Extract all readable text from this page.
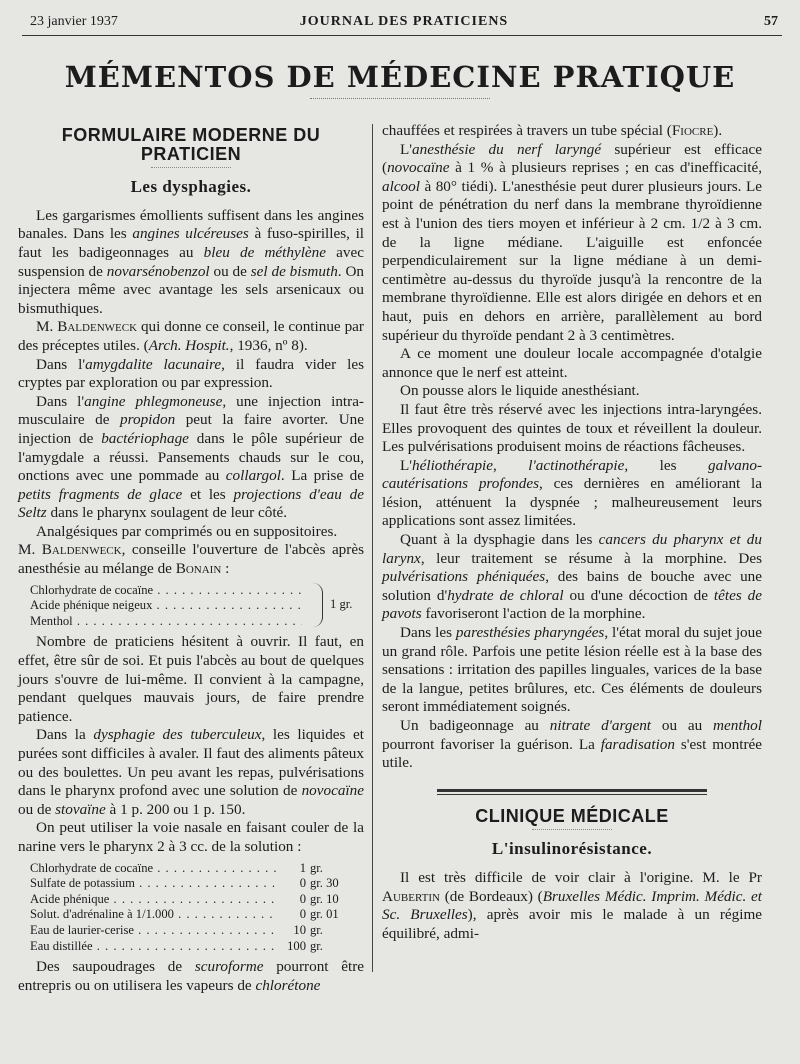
23 janvier 1937	JOURNAL DES PRATICIENS	57
MÉMENTOS DE MÉDECINE PRATIQUE
FORMULAIRE MODERNE DU PRATICIEN
Les dysphagies.

Les gargarismes émollients suffisent dans les angines banales. Dans les angines ulcéreuses à fuso-spirilles, il faut les badigeonnages au bleu de méthylène avec suspension de novarsénobenzol ou de sel de bismuth. On injectera même avec avantage les sels arsenicaux ou bismuthiques.

M. Baldenweck qui donne ce conseil, le continue par des préceptes utiles. (Arch. Hospit., 1936, nº 8).

Dans l'amygdalite lacunaire, il faudra vider les cryptes par exploration ou par expression.

Dans l'angine phlegmoneuse, une injection intra-musculaire de propidon peut la faire avorter. Une injection de bactériophage dans le pôle supérieur de l'amygdale a réussi. Pansements chauds sur le cou, onctions avec une pommade au collargol. La prise de petits fragments de glace et les projections d'eau de Seltz dans le pharynx soulagent de leur côté.

Analgésiques par comprimés ou en suppositoires.

M. Baldenweck, conseille l'ouverture de l'abcès après anesthésie au mélange de Bonain :

Chlorhydrate de cocaïne . . .
Acide phénique neigeux . . .
Menthol . . .
1 gr.

Nombre de praticiens hésitent à ouvrir. Il faut, en effet, être sûr de soi. Et puis l'abcès au bout de quelques jours s'ouvre de lui-même. Il convient à la campagne, pendant quelques mauvais jours, de faire prendre patience.

Dans la dysphagie des tuberculeux, les liquides et purées sont difficiles à avaler. Il faut des aliments pâteux ou des boulettes. Un peu avant les repas, pulvérisations dans le pharynx profond avec une solution de novocaïne ou de stovaïne à 1 p. 200 ou 1 p. 150.

On peut utiliser la voie nasale en faisant couler de la narine vers le pharynx 2 à 3 cc. de la solution :

Chlorhydrate de cocaïne . . .	1 gr.
Sulfate de potassium . . .	0 gr. 30
Acide phénique . . .	0 gr. 10
Solut. d'adrénaline à 1/1.000 . . .	0 gr. 01
Eau de laurier-cerise . . .	10 gr.
Eau distillée . . .	100 gr.

Des saupoudrages de scuroforme pourront être entrepris ou on utilisera les vapeurs de chlorétone

chauffées et respirées à travers un tube spécial (Fiocre).

L'anesthésie du nerf laryngé supérieur est efficace (novocaïne à 1 % à plusieurs reprises ; en cas d'inefficacité, alcool à 80° tiédi). L'anesthésie peut durer plusieurs jours. Le point de pénétration du nerf dans la membrane thyroïdienne est à l'union des tiers moyen et inférieur à 2 cm. 1/2 à 3 cm. de la ligne médiane. L'aiguille est enfoncée perpendiculairement sur la ligne médiane à un demi-centimètre au-dessus du thyroïde jusqu'à la rencontre de la membrane thyroïdienne. Elle est alors dirigée en dehors et en haut, puis en dehors en arrière, parallèlement au bord supérieur du thyroïde pendant 2 à 3 centimètres.

A ce moment une douleur locale accompagnée d'otalgie annonce que le nerf est atteint.

On pousse alors le liquide anesthésiant.

Il faut être très réservé avec les injections intra-laryngées. Elles provoquent des quintes de toux et réveillent la douleur. Les pulvérisations produisent moins de réactions fâcheuses.

L'héliothérapie, l'actinothérapie, les galvano-cautérisations profondes, ces dernières en améliorant la lésion, atténuent la dyspnée ; malheureusement leurs applications sont assez limitées.

Quant à la dysphagie dans les cancers du pharynx et du larynx, leur traitement se résume à la morphine. Des pulvérisations phéniquées, des bains de bouche avec une solution d'hydrate de chloral ou d'une décoction de têtes de pavots favoriseront l'action de la morphine.

Dans les paresthésies pharyngées, l'état moral du sujet joue un grand rôle. Parfois une petite lésion réelle est à la base des sensations : irritation des papilles linguales, varices de la base de la langue, petites brûlures, etc. Ces éléments de douleurs seront immédiatement soignés.

Un badigeonnage au nitrate d'argent ou au menthol pourront favoriser la guérison. La faradisation s'est montrée utile.

CLINIQUE MÉDICALE
L'insulinorésistance.

Il est très difficile de voir clair à l'origine. M. le Pr Aubertin (de Bordeaux) (Bruxelles Médic. Imprim. Médic. et Sc. Bruxelles), après avoir mis le malade à un régime équilibré, admi-
